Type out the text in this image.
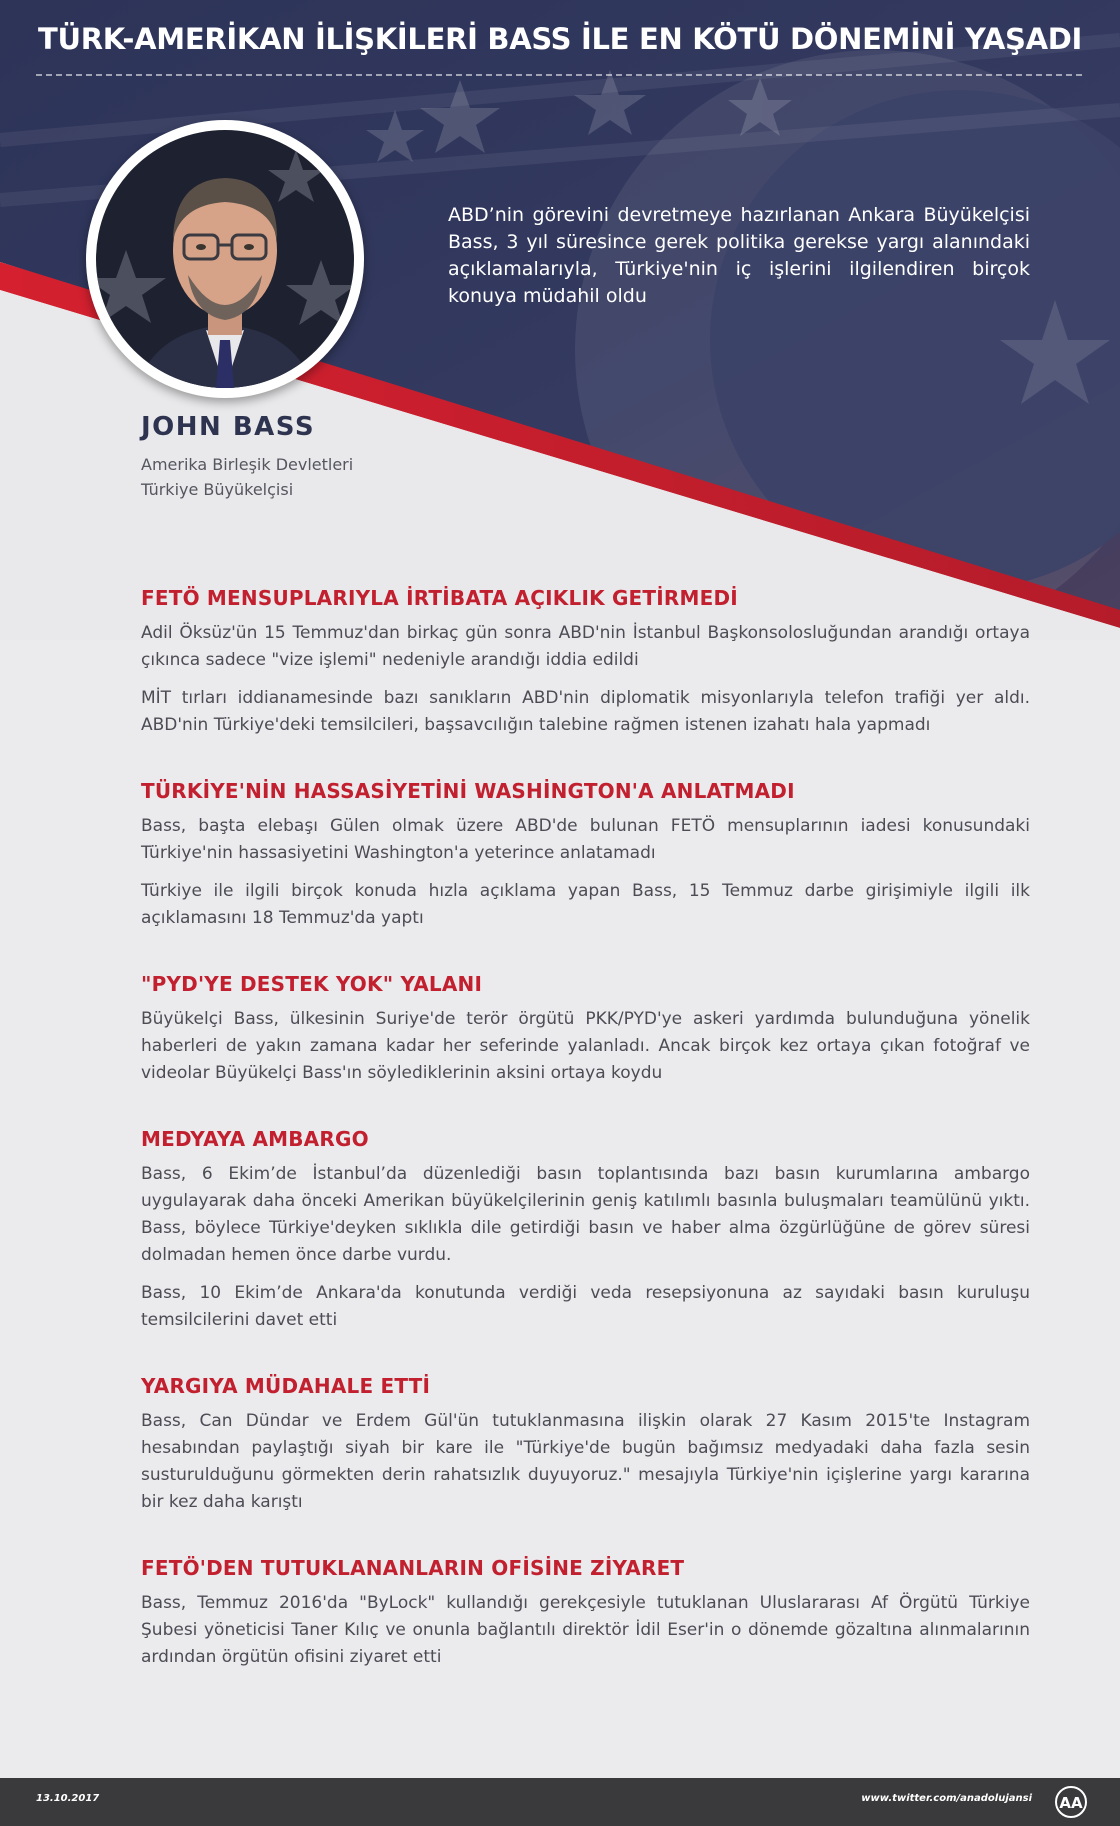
TÜRK-AMERİKAN İLİŞKİLERİ BASS İLE EN KÖTÜ DÖNEMİNİ YAŞADI

ABD’nin görevini devretmeye hazırlanan Ankara Büyükelçisi Bass, 3 yıl süresince gerek politika gerekse yargı alanındaki açıklamalarıyla, Türkiye'nin iç işlerini ilgilendiren birçok konuya müdahil oldu

JOHN BASS
Amerika Birleşik Devletleri
Türkiye Büyükelçisi
FETÖ MENSUPLARIYLA İRTİBATA AÇIKLIK GETİRMEDİ

Adil Öksüz'ün 15 Temmuz'dan birkaç gün sonra ABD'nin İstanbul Başkonsolosluğundan arandığı ortaya çıkınca sadece "vize işlemi" nedeniyle arandığı iddia edildi

MİT tırları iddianamesinde bazı sanıkların ABD'nin diplomatik misyonlarıyla telefon trafiği yer aldı. ABD'nin Türkiye'deki temsilcileri, başsavcılığın talebine rağmen istenen izahatı hala yapmadı

TÜRKİYE'NİN HASSASİYETİNİ WASHİNGTON'A ANLATMADI

Bass, başta elebaşı Gülen olmak üzere ABD'de bulunan FETÖ mensuplarının iadesi konusundaki Türkiye'nin hassasiyetini Washington'a yeterince anlatamadı

Türkiye ile ilgili birçok konuda hızla açıklama yapan Bass, 15 Temmuz darbe girişimiyle ilgili ilk açıklamasını 18 Temmuz'da yaptı

"PYD'YE DESTEK YOK" YALANI

Büyükelçi Bass, ülkesinin Suriye'de terör örgütü PKK/PYD'ye askeri yardımda bulunduğuna yönelik haberleri de yakın zamana kadar her seferinde yalanladı. Ancak birçok kez ortaya çıkan fotoğraf ve videolar Büyükelçi Bass'ın söylediklerinin aksini ortaya koydu

MEDYAYA AMBARGO

Bass, 6 Ekim’de İstanbul’da düzenlediği basın toplantısında bazı basın kurumlarına ambargo uygulayarak daha önceki Amerikan büyükelçilerinin geniş katılımlı basınla buluşmaları teamülünü yıktı. Bass, böylece Türkiye'deyken sıklıkla dile getirdiği basın ve haber alma özgürlüğüne de görev süresi dolmadan hemen önce darbe vurdu.

Bass, 10 Ekim’de Ankara'da konutunda verdiği veda resepsiyonuna az sayıdaki basın kuruluşu temsilcilerini davet etti

YARGIYA MÜDAHALE ETTİ

Bass, Can Dündar ve Erdem Gül'ün tutuklanmasına ilişkin olarak 27 Kasım 2015'te Instagram hesabından paylaştığı siyah bir kare ile "Türkiye'de bugün bağımsız medyadaki daha fazla sesin susturulduğunu görmekten derin rahatsızlık duyuyoruz." mesajıyla Türkiye'nin içişlerine yargı kararına bir kez daha karıştı

FETÖ'DEN TUTUKLANANLARIN OFİSİNE ZİYARET

Bass, Temmuz 2016'da "ByLock" kullandığı gerekçesiyle tutuklanan Uluslararası Af Örgütü Türkiye Şubesi yöneticisi Taner Kılıç ve onunla bağlantılı direktör İdil Eser'in o dönemde gözaltına alınmalarının ardından örgütün ofisini ziyaret etti

13.10.2017	www.twitter.com/anadolujansi AA
